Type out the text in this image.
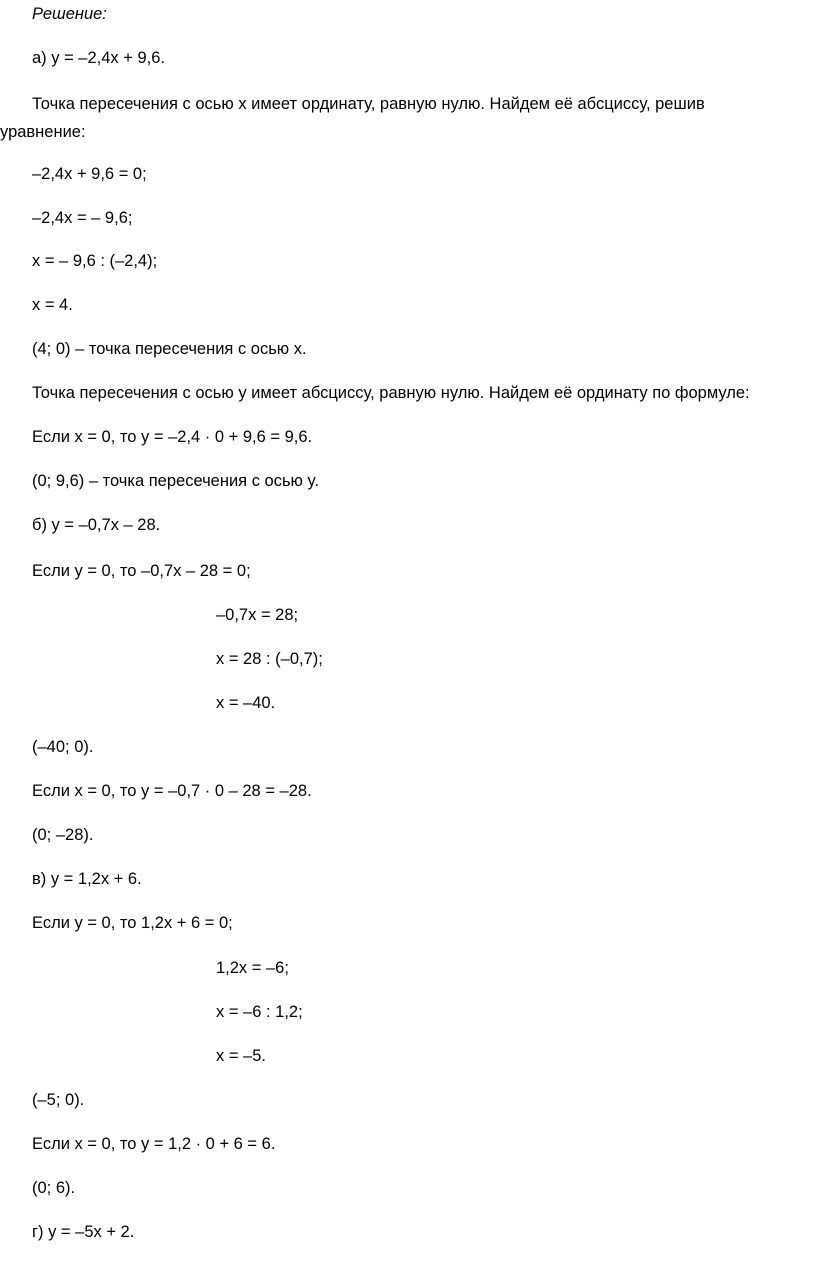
Решение:
а) y = –2,4x + 9,6.
Точка пересечения с осью x имеет ординату, равную нулю. Найдем её абсциссу, решив
уравнение:
–2,4x + 9,6 = 0;
–2,4x = – 9,6;
x = – 9,6 : (–2,4);
x = 4.
(4; 0) – точка пересечения с осью x.
Точка пересечения с осью y имеет абсциссу, равную нулю. Найдем её ординату по формуле:
Если x = 0, то y = –2,4 · 0 + 9,6 = 9,6.
(0; 9,6) – точка пересечения с осью y.
б) y = –0,7x – 28.
Если y = 0, то –0,7x – 28 = 0;
–0,7x = 28;
x = 28 : (–0,7);
x = –40.
(–40; 0).
Если x = 0, то y = –0,7 · 0 – 28 = –28.
(0; –28).
в) y = 1,2x + 6.
Если y = 0, то 1,2x + 6 = 0;
1,2x = –6;
x = –6 : 1,2;
x = –5.
(–5; 0).
Если x = 0, то y = 1,2 · 0 + 6 = 6.
(0; 6).
г) y = –5x + 2.
